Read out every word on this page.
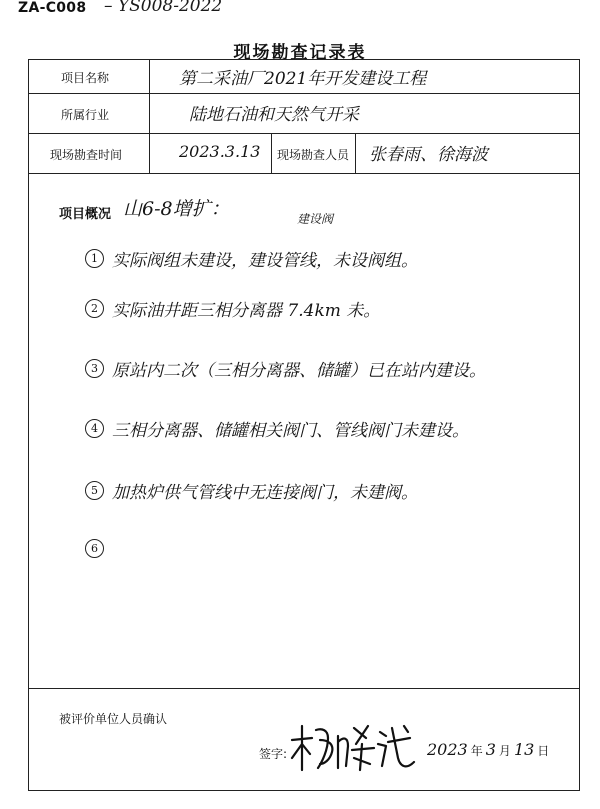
ZA-C008 – YS008-2022
现场勘查记录表
项目名称	第二采油厂2021年开发建设工程
所属行业	陆地石油和天然气开采
现场勘查时间	2023.3.13 现场勘查人员 张春雨、徐海波
项目概况 山6-8增扩：	建设阀
1 实际阀组未建设，建设管线，未设阀组。
2 实际油井距三相分离器 7.4km 未。
3 原站内二次（三相分离器、储罐）已在站内建设。
4 三相分离器、储罐相关阀门、管线阀门未建设。
5 加热炉供气管线中无连接阀门，未建阀。
6
被评价单位人员确认
签字:	2023 年 3 月 13 日
